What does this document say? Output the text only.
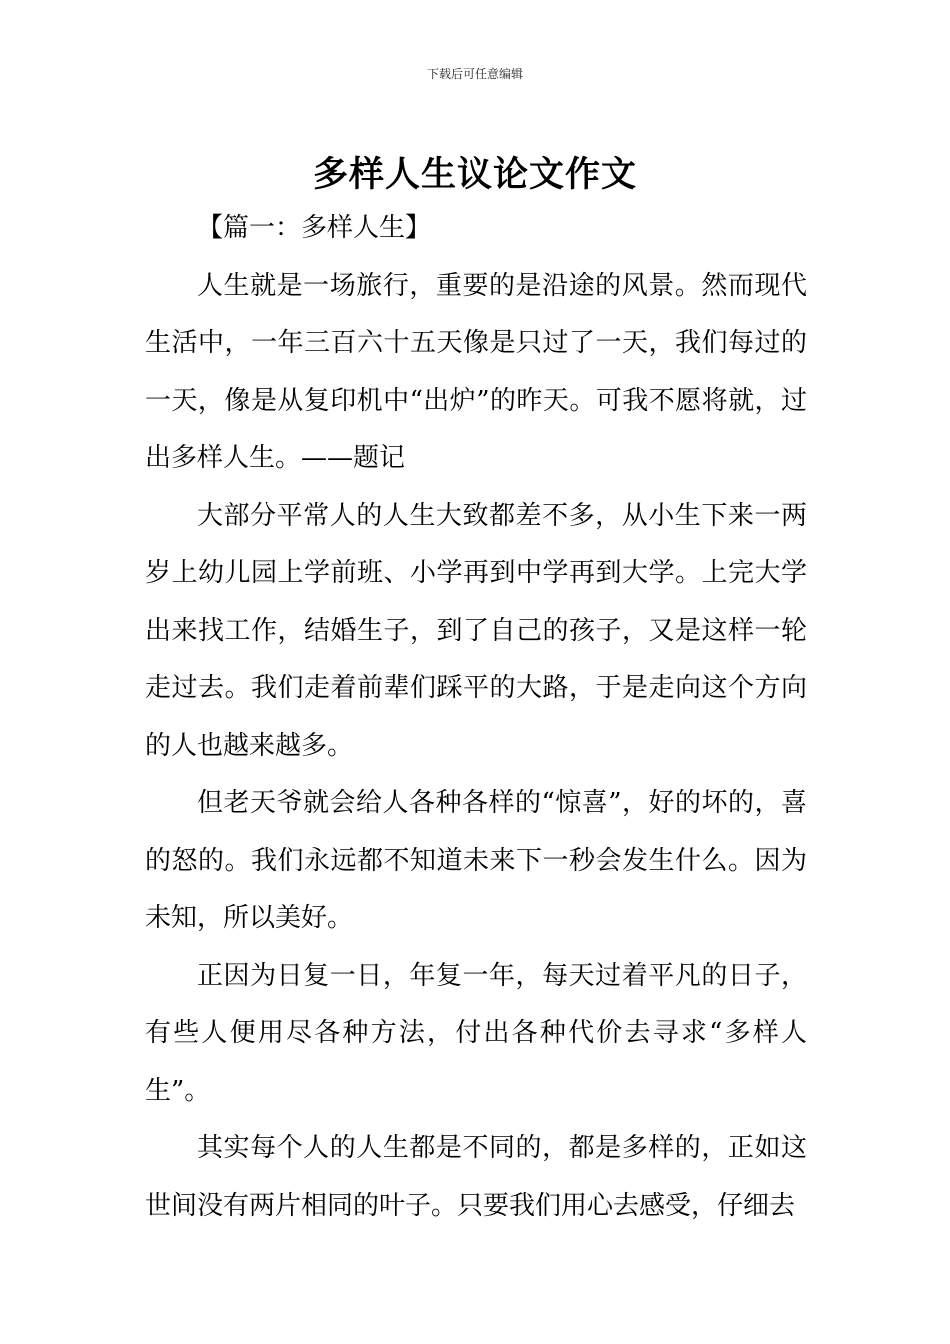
下载后可任意编辑
多样人生议论文作文

【篇一：多样人生】

人生就是一场旅行，重要的是沿途的风景。然而现代生活中，一年三百六十五天像是只过了一天，我们每过的一天，像是从复印机中“出炉”的昨天。可我不愿将就，过出多样人生。——题记

大部分平常人的人生大致都差不多，从小生下来一两岁上幼儿园上学前班、小学再到中学再到大学。上完大学出来找工作，结婚生子，到了自己的孩子，又是这样一轮走过去。我们走着前辈们踩平的大路，于是走向这个方向的人也越来越多。

但老天爷就会给人各种各样的“惊喜”，好的坏的，喜的怒的。我们永远都不知道未来下一秒会发生什么。因为未知，所以美好。

正因为日复一日，年复一年，每天过着平凡的日子，有些人便用尽各种方法，付出各种代价去寻求“多样人生”。

其实每个人的人生都是不同的，都是多样的，正如这世间没有两片相同的叶子。只要我们用心去感受，仔细去
